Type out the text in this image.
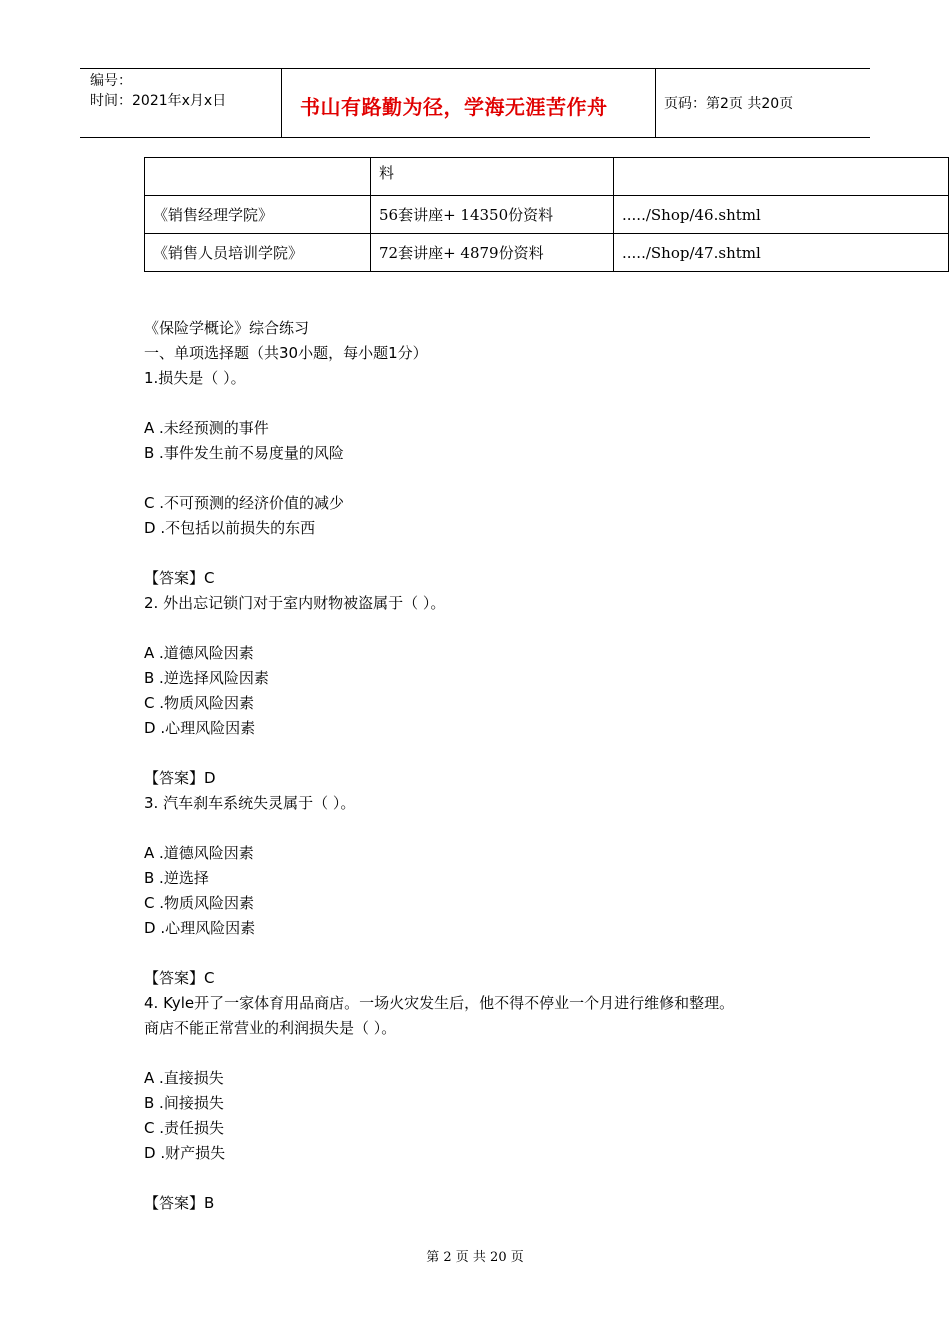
编号：
时间：2021年x月x日	书山有路勤为径，学海无涯苦作舟	页码：第2页 共20页
	料	
《销售经理学院》	56套讲座+ 14350份资料	...../Shop/46.shtml
《销售人员培训学院》	72套讲座+ 4879份资料	...../Shop/47.shtml
《保险学概论》综合练习
一、单项选择题（共30小题，每小题1分）
1.损失是（ ）。
A .未经预测的事件
B .事件发生前不易度量的风险
C .不可预测的经济价值的减少
D .不包括以前损失的东西
【答案】C
2. 外出忘记锁门对于室内财物被盗属于（ ）。
A .道德风险因素
B .逆选择风险因素
C .物质风险因素
D .心理风险因素
【答案】D
3. 汽车刹车系统失灵属于（ ）。
A .道德风险因素
B .逆选择
C .物质风险因素
D .心理风险因素
【答案】C
4. Kyle开了一家体育用品商店。一场火灾发生后，他不得不停业一个月进行维修和整理。
商店不能正常营业的利润损失是（ ）。
A .直接损失
B .间接损失
C .责任损失
D .财产损失
【答案】B
第 2 页 共 20 页
